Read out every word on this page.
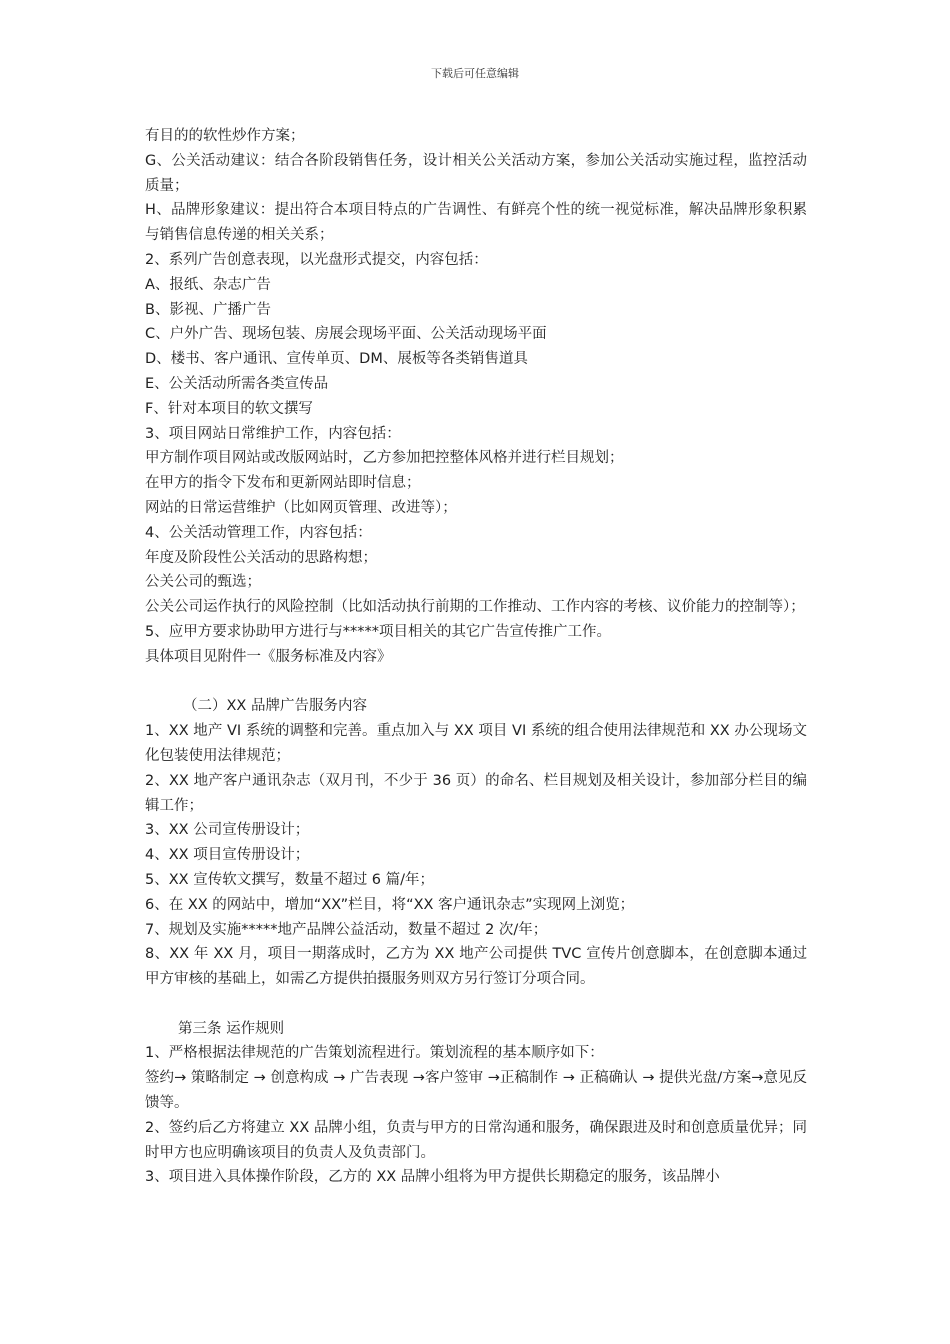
下载后可任意编辑

有目的的软性炒作方案；

G、公关活动建议：结合各阶段销售任务，设计相关公关活动方案，参加公关活动实施过程，监控活动质量；

H、品牌形象建议：提出符合本项目特点的广告调性、有鲜亮个性的统一视觉标准，解决品牌形象积累与销售信息传递的相关关系；

2、系列广告创意表现，以光盘形式提交，内容包括：

A、报纸、杂志广告

B、影视、广播广告

C、户外广告、现场包装、房展会现场平面、公关活动现场平面

D、楼书、客户通讯、宣传单页、DM、展板等各类销售道具

E、公关活动所需各类宣传品

F、针对本项目的软文撰写

3、项目网站日常维护工作，内容包括：

甲方制作项目网站或改版网站时，乙方参加把控整体风格并进行栏目规划；

在甲方的指令下发布和更新网站即时信息；

网站的日常运营维护（比如网页管理、改进等）；

4、公关活动管理工作，内容包括：

年度及阶段性公关活动的思路构想；

公关公司的甄选；

公关公司运作执行的风险控制（比如活动执行前期的工作推动、工作内容的考核、议价能力的控制等）；

5、应甲方要求协助甲方进行与*****项目相关的其它广告宣传推广工作。

具体项目见附件一《服务标准及内容》

（二）XX 品牌广告服务内容

1、XX 地产 VI 系统的调整和完善。重点加入与 XX 项目 VI 系统的组合使用法律规范和 XX 办公现场文化包装使用法律规范；

2、XX 地产客户通讯杂志（双月刊，不少于 36 页）的命名、栏目规划及相关设计，参加部分栏目的编辑工作；

3、XX 公司宣传册设计；

4、XX 项目宣传册设计；

5、XX 宣传软文撰写，数量不超过 6 篇/年；

6、在 XX 的网站中，增加“XX”栏目，将“XX 客户通讯杂志”实现网上浏览；

7、规划及实施*****地产品牌公益活动，数量不超过 2 次/年；

8、XX 年 XX 月，项目一期落成时，乙方为 XX 地产公司提供 TVC 宣传片创意脚本，在创意脚本通过甲方审核的基础上，如需乙方提供拍摄服务则双方另行签订分项合同。

第三条 运作规则

1、严格根据法律规范的广告策划流程进行。策划流程的基本顺序如下：

签约→ 策略制定 → 创意构成 → 广告表现 →客户签审 →正稿制作 → 正稿确认 → 提供光盘/方案→意见反馈等。

2、签约后乙方将建立 XX 品牌小组，负责与甲方的日常沟通和服务，确保跟进及时和创意质量优异；同时甲方也应明确该项目的负责人及负责部门。

3、项目进入具体操作阶段，乙方的 XX 品牌小组将为甲方提供长期稳定的服务，该品牌小
